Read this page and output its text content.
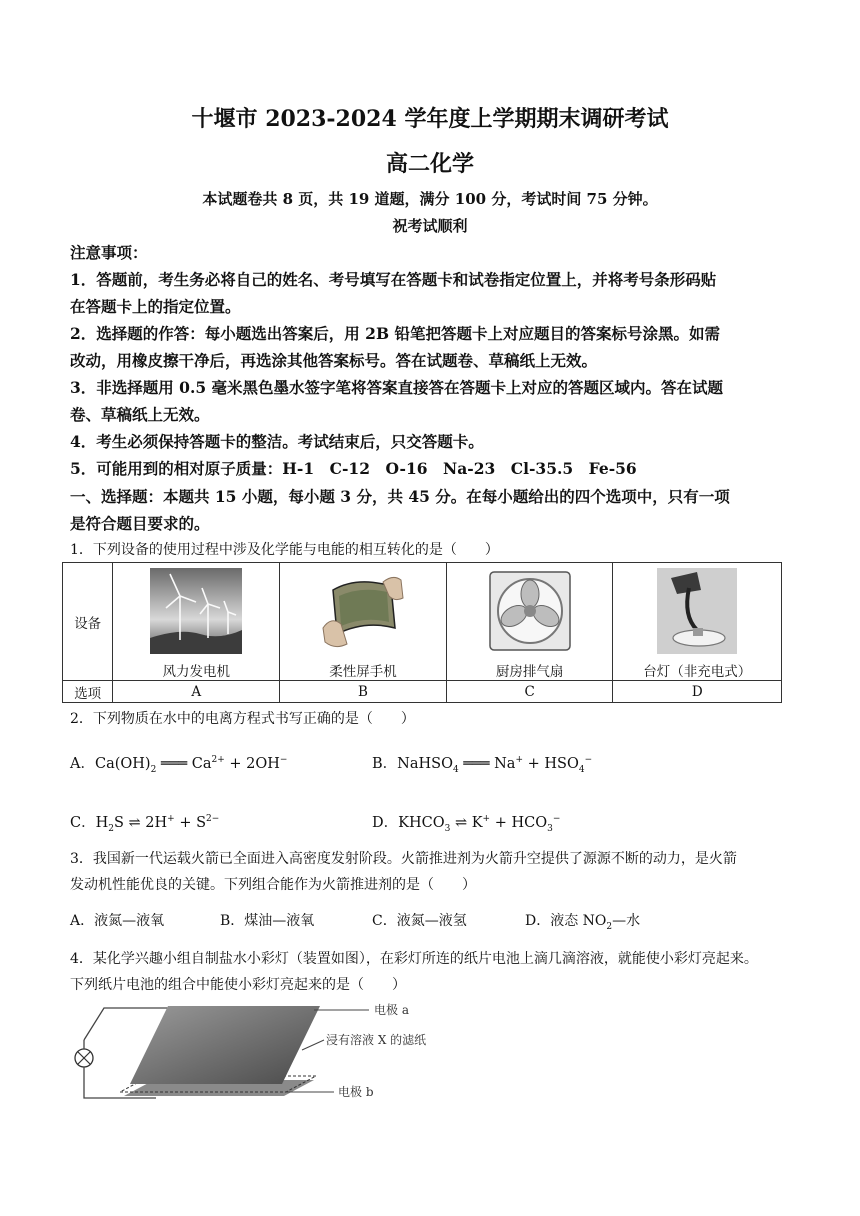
十堰市 2023-2024 学年度上学期期末调研考试
高二化学
本试题卷共 8 页，共 19 道题，满分 100 分，考试时间 75 分钟。
祝考试顺利
注意事项：
1．答题前，考生务必将自己的姓名、考号填写在答题卡和试卷指定位置上，并将考号条形码贴
在答题卡上的指定位置。
2．选择题的作答：每小题选出答案后，用 2B 铅笔把答题卡上对应题目的答案标号涂黑。如需
改动，用橡皮擦干净后，再选涂其他答案标号。答在试题卷、草稿纸上无效。
3．非选择题用 0.5 毫米黑色墨水签字笔将答案直接答在答题卡上对应的答题区域内。答在试题
卷、草稿纸上无效。
4．考生必须保持答题卡的整洁。考试结束后，只交答题卡。
5．可能用到的相对原子质量：H-1　C-12　O-16　Na-23　Cl-35.5　Fe-56
一、选择题：本题共 15 小题，每小题 3 分，共 45 分。在每小题给出的四个选项中，只有一项
是符合题目要求的。
1．下列设备的使用过程中涉及化学能与电能的相互转化的是（　　）
设备	风力发电机	柔性屏手机	厨房排气扇	台灯（非充电式）

选项	A	B	C	D
2．下列物质在水中的电离方程式书写正确的是（　　）
A．$Ca(OH)_2$ ═══ $Ca^{2+} + 2OH^-$	B．NaHSO$_4$ ═══ $Na^+ + HSO_4^-$
C．$H_2S$ ⇌ $2H^+ + S^{2-}$	D．$KHCO_3$ ⇌ $K^+ + HCO_3^-$
3．我国新一代运载火箭已全面进入高密度发射阶段。火箭推进剂为火箭升空提供了源源不断的动力，是火箭
发动机性能优良的关键。下列组合能作为火箭推进剂的是（　　）
A．液氮—液氧	B．煤油—液氧	C．液氮—液氢	D．液态 $NO_2—$水
4．某化学兴趣小组自制盐水小彩灯（装置如图），在彩灯所连的纸片电池上滴几滴溶液，就能使小彩灯亮起来。
下列纸片电池的组合中能使小彩灯亮起来的是（　　）
电极 a
浸有溶液 X 的滤纸
电极 b
